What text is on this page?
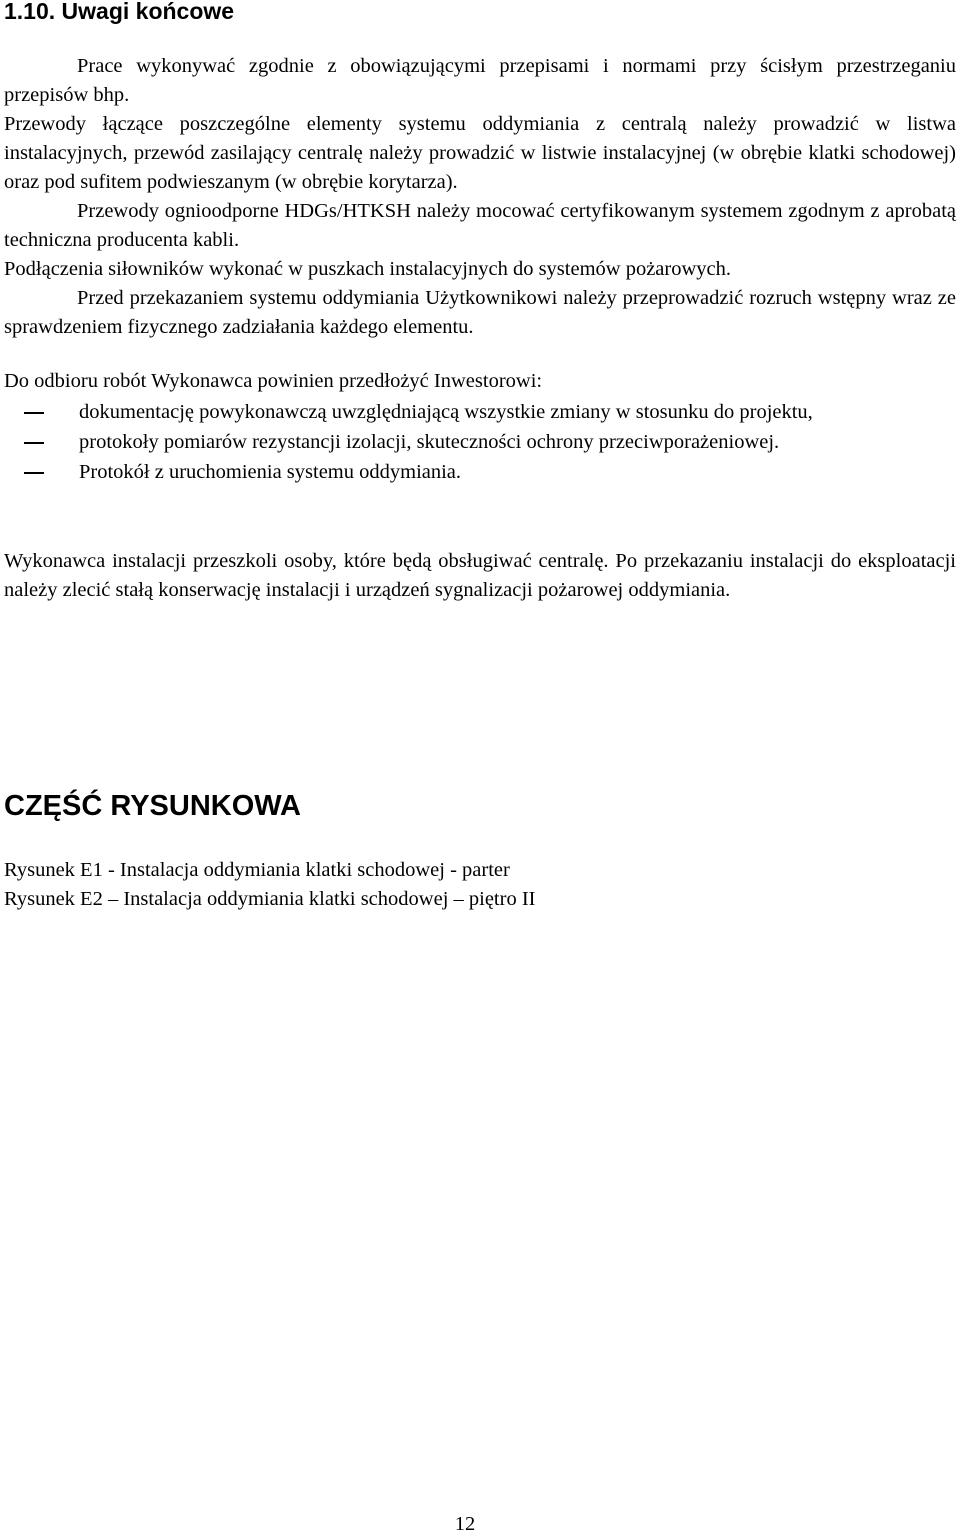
1.10. Uwagi końcowe

Prace wykonywać zgodnie z obowiązującymi przepisami i normami przy ścisłym przestrzeganiu przepisów bhp.

Przewody łączące poszczególne elementy systemu oddymiania z centralą należy prowadzić w listwa instalacyjnych, przewód zasilający centralę należy prowadzić w listwie instalacyjnej (w obrębie klatki schodowej) oraz pod sufitem podwieszanym (w obrębie korytarza).

Przewody ognioodporne HDGs/HTKSH należy mocować certyfikowanym systemem zgodnym z aprobatą techniczna producenta kabli.

Podłączenia siłowników wykonać w puszkach instalacyjnych do systemów pożarowych.

Przed przekazaniem systemu oddymiania Użytkownikowi należy przeprowadzić rozruch wstępny wraz ze sprawdzeniem fizycznego zadziałania każdego elementu.

Do odbioru robót Wykonawca powinien przedłożyć Inwestorowi:

dokumentację powykonawczą uwzględniającą wszystkie zmiany w stosunku do projektu,
protokoły pomiarów rezystancji izolacji, skuteczności ochrony przeciwporażeniowej.
Protokół z uruchomienia systemu oddymiania.

Wykonawca instalacji przeszkoli osoby, które będą obsługiwać centralę. Po przekazaniu instalacji do eksploatacji należy zlecić stałą konserwację instalacji i urządzeń sygnalizacji pożarowej oddymiania.

CZĘŚĆ RYSUNKOWA
Rysunek E1 - Instalacja oddymiania klatki schodowej - parter
Rysunek E2 – Instalacja oddymiania klatki schodowej – piętro II
12
